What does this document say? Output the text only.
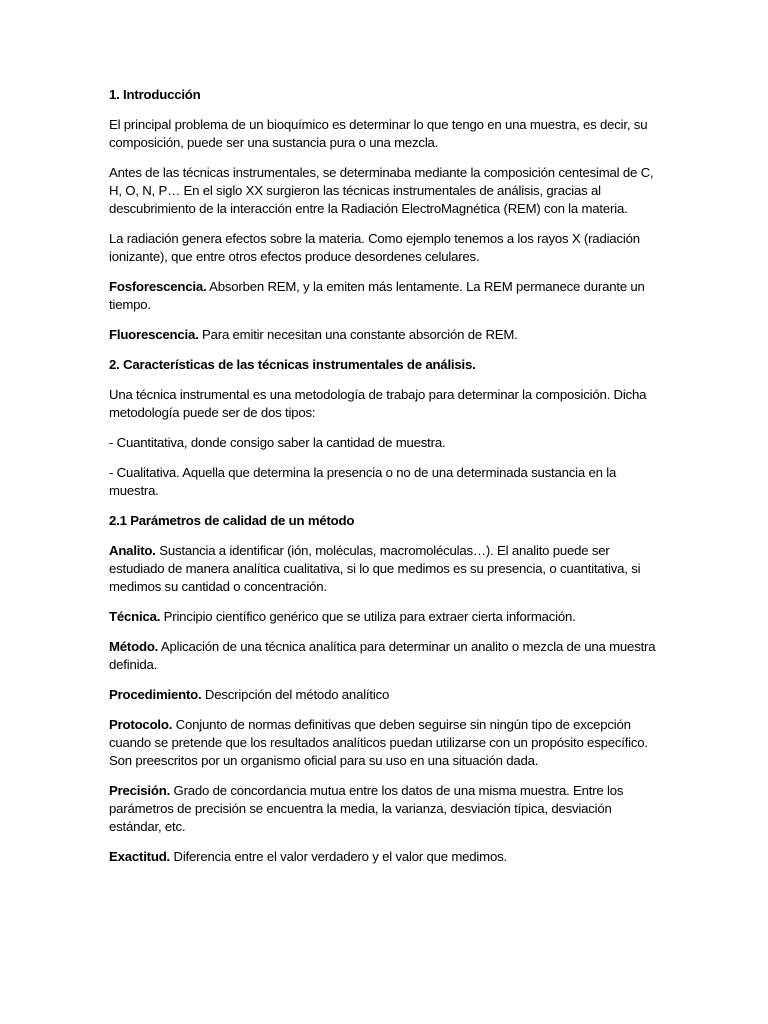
1. Introducción

El principal problema de un bioquímico es determinar lo que tengo en una muestra, es decir, su composición, puede ser una sustancia pura o una mezcla.

Antes de las técnicas instrumentales, se determinaba mediante la composición centesimal de C, H, O, N, P… En el siglo XX surgieron las técnicas instrumentales de análisis, gracias al descubrimiento de la interacción entre la Radiación ElectroMagnética (REM) con la materia.

La radiación genera efectos sobre la materia. Como ejemplo tenemos a los rayos X (radiación ionizante), que entre otros efectos produce desordenes celulares.

Fosforescencia. Absorben REM, y la emiten más lentamente. La REM permanece durante un tiempo.

Fluorescencia. Para emitir necesitan una constante absorción de REM.

2. Características de las técnicas instrumentales de análisis.

Una técnica instrumental es una metodología de trabajo para determinar la composición. Dicha metodología puede ser de dos tipos:

- Cuantitativa, donde consigo saber la cantidad de muestra.

- Cualitativa. Aquella que determina la presencia o no de una determinada sustancia en la muestra.

2.1 Parámetros de calidad de un método

Analito. Sustancia a identificar (ión, moléculas, macromoléculas…). El analito puede ser estudiado de manera analítica cualitativa, si lo que medimos es su presencia, o cuantitativa, si medimos su cantidad o concentración.

Técnica. Principio científico genérico que se utiliza para extraer cierta información.

Método. Aplicación de una técnica analítica para determinar un analito o mezcla de una muestra definida.

Procedimiento. Descripción del método analítico

Protocolo. Conjunto de normas definitivas que deben seguirse sin ningún tipo de excepción cuando se pretende que los resultados analíticos puedan utilizarse con un propósito específico. Son preescritos por un organismo oficial para su uso en una situación dada.

Precisión. Grado de concordancia mutua entre los datos de una misma muestra. Entre los parámetros de precisión se encuentra la media, la varianza, desviación típica, desviación estándar, etc.

Exactitud. Diferencia entre el valor verdadero y el valor que medimos.
